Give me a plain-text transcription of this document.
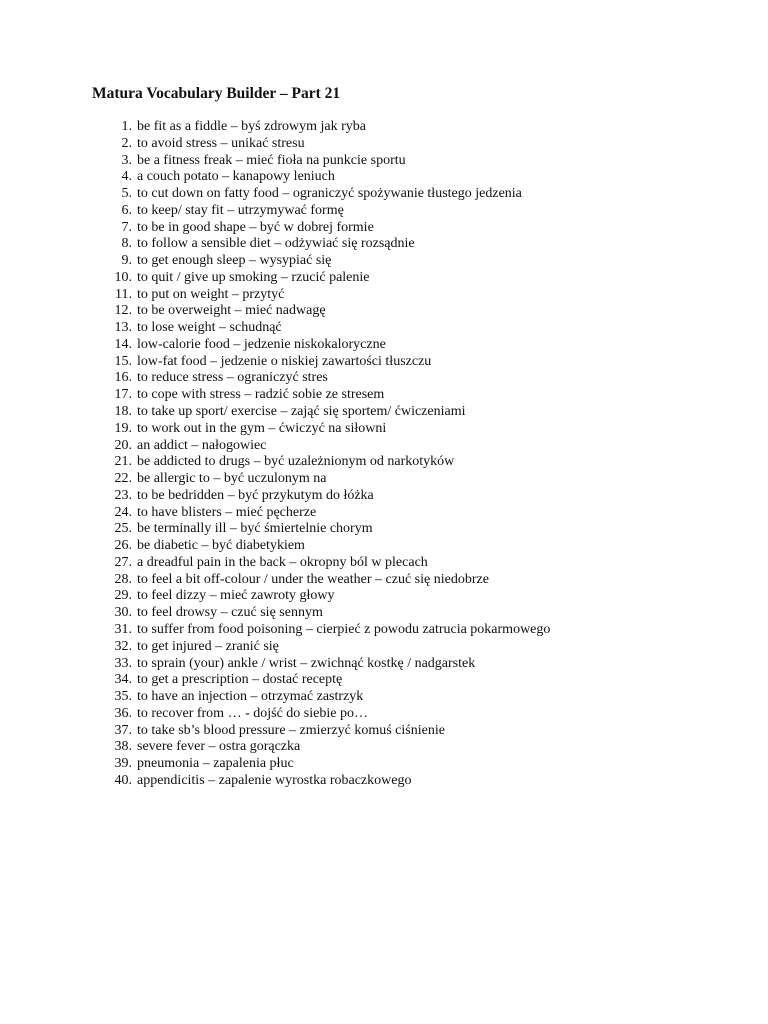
Matura Vocabulary Builder – Part 21
1. be fit as a fiddle – byś zdrowym jak ryba
2. to avoid stress – unikać stresu
3. be a fitness freak – mieć fioła na punkcie sportu
4. a couch potato – kanapowy leniuch
5. to cut down on fatty food – ograniczyć spożywanie tłustego jedzenia
6. to keep/ stay fit – utrzymywać formę
7. to be in good shape – być w dobrej formie
8. to follow a sensible diet – odżywiać się rozsądnie
9. to get enough sleep – wysypiać się
10. to quit / give up smoking – rzucić palenie
11. to put on weight – przytyć
12. to be overweight – mieć nadwagę
13. to lose weight – schudnąć
14. low-calorie food – jedzenie niskokaloryczne
15. low-fat food – jedzenie o niskiej zawartości tłuszczu
16. to reduce stress – ograniczyć stres
17. to cope with stress – radzić sobie ze stresem
18. to take up sport/ exercise – zająć się sportem/ ćwiczeniami
19. to work out in the gym – ćwiczyć na siłowni
20. an addict – nałogowiec
21. be addicted to drugs – być uzależnionym od narkotyków
22. be allergic to – być uczulonym na
23. to be bedridden – być przykutym do łóżka
24. to have blisters – mieć pęcherze
25. be terminally ill – być śmiertelnie chorym
26. be diabetic – być diabetykiem
27. a dreadful pain in the back – okropny ból w plecach
28. to feel a bit off-colour / under the weather – czuć się niedobrze
29. to feel dizzy – mieć zawroty głowy
30. to feel drowsy – czuć się sennym
31. to suffer from food poisoning – cierpieć z powodu zatrucia pokarmowego
32. to get injured – zranić się
33. to sprain (your) ankle / wrist – zwichnąć kostkę / nadgarstek
34. to get a prescription – dostać receptę
35. to have an injection – otrzymać zastrzyk
36. to recover from … - dojść do siebie po…
37. to take sb’s blood pressure – zmierzyć komuś ciśnienie
38. severe fever – ostra gorączka
39. pneumonia – zapalenia płuc
40. appendicitis – zapalenie wyrostka robaczkowego
